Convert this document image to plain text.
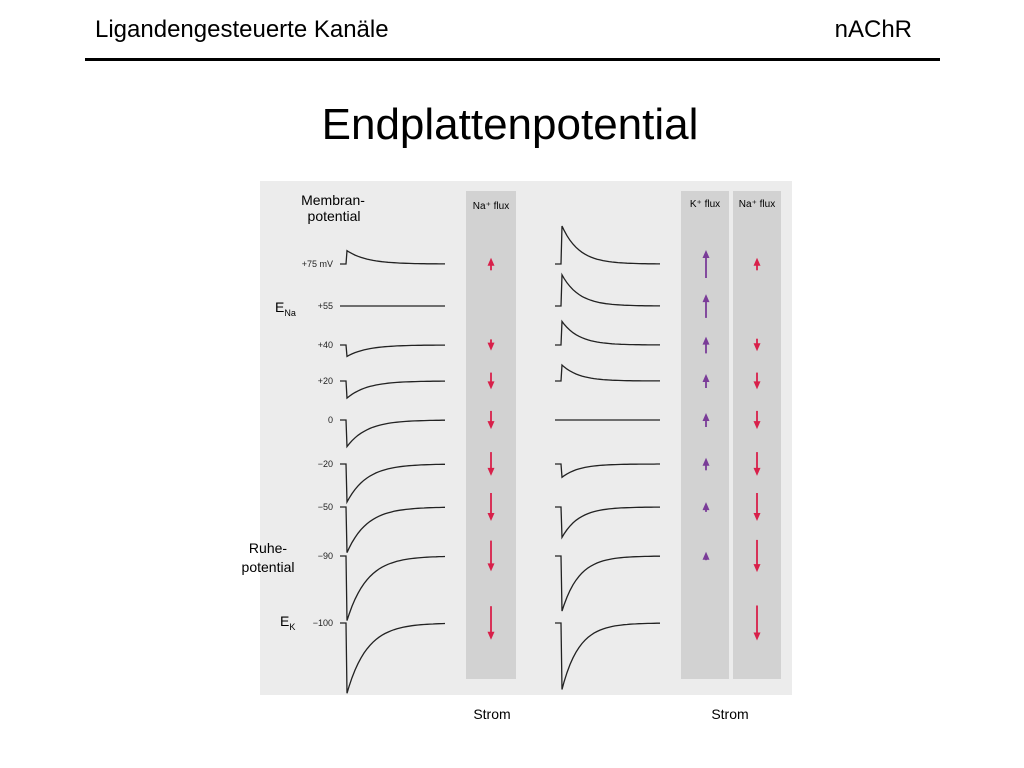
Ligandengesteuerte Kanäle	nAChR
Endplattenpotential
Membran-
potential
Na⁺ flux	K⁺ flux Na⁺ flux
$E_{Na}$
Ruhe-
potential
$E_K$
Strom	Strom
+75 mV
+55
+40
+20
0
−20
−50
−90
−100
